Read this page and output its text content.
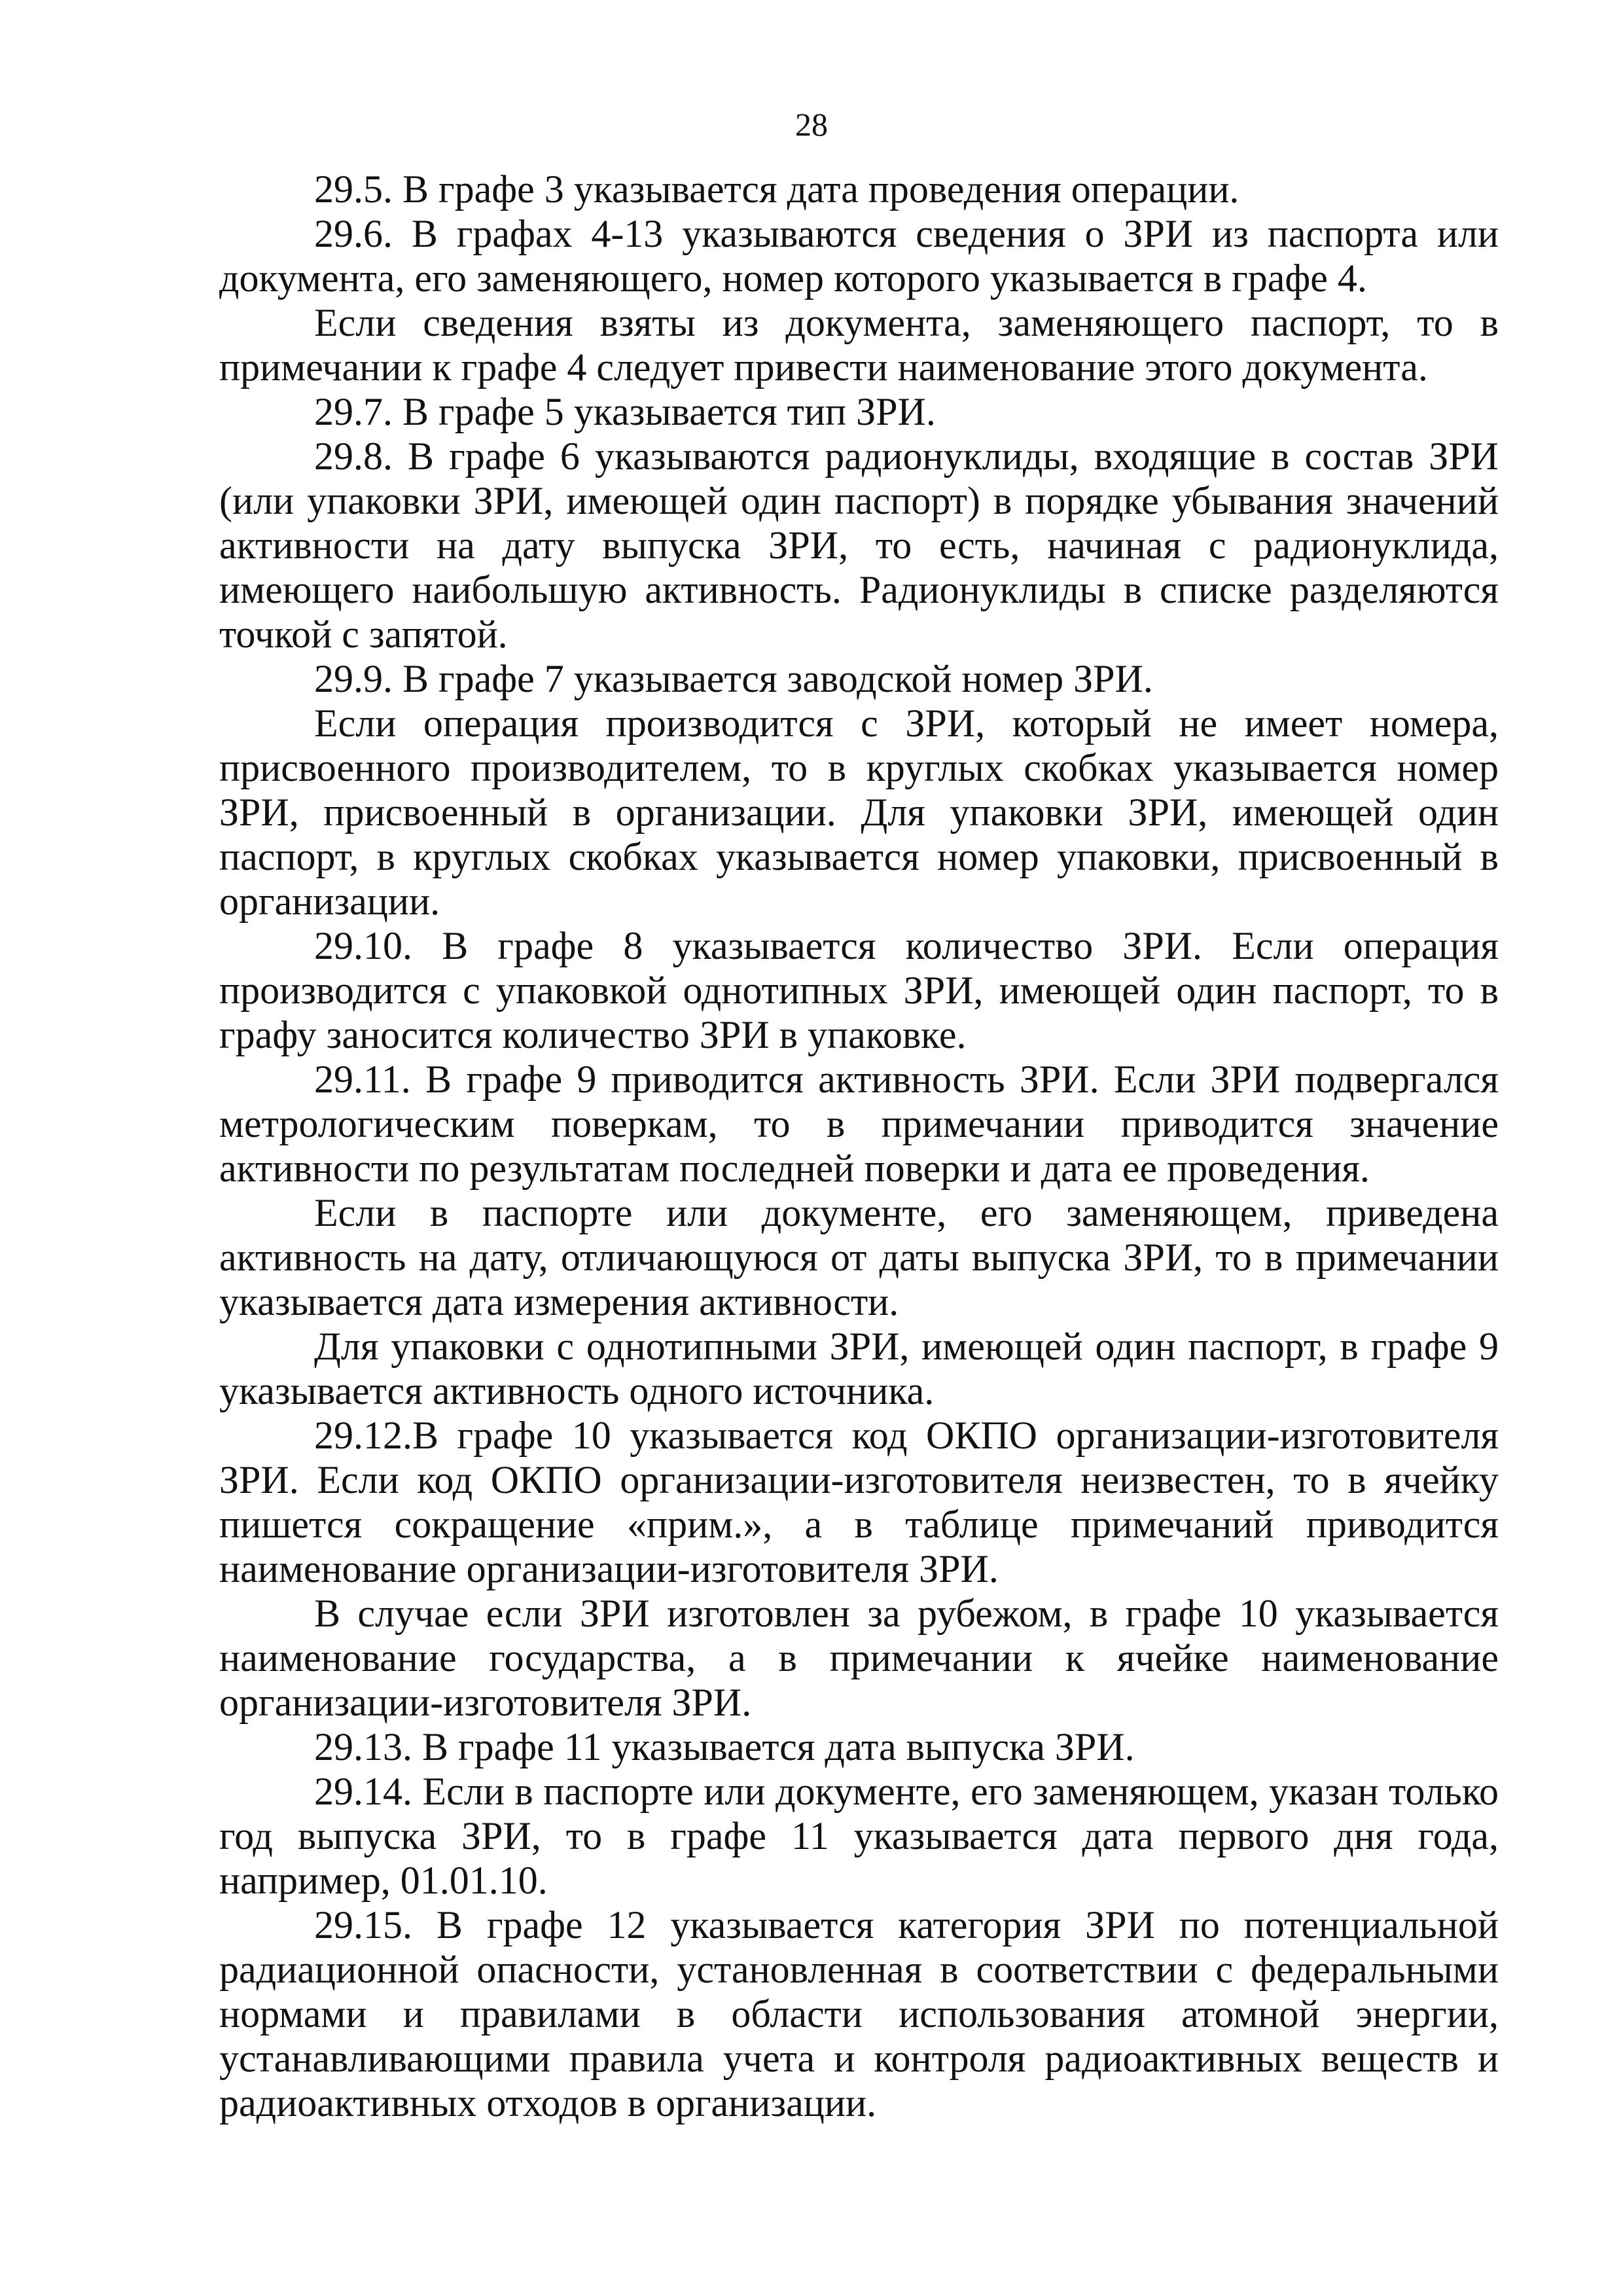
28

29.5. В графе 3 указывается дата проведения операции.

29.6. В графах 4-13 указываются сведения о ЗРИ из паспорта или документа, его заменяющего, номер которого указывается в графе 4.

Если сведения взяты из документа, заменяющего паспорт, то в примечании к графе 4 следует привести наименование этого документа.

29.7. В графе 5 указывается тип ЗРИ.

29.8. В графе 6 указываются радионуклиды, входящие в состав ЗРИ (или упаковки ЗРИ, имеющей один паспорт) в порядке убывания значений активности на дату выпуска ЗРИ, то есть, начиная с радионуклида, имеющего наибольшую активность. Радионуклиды в списке разделяются точкой с запятой.

29.9. В графе 7 указывается заводской номер ЗРИ.

Если операция производится с ЗРИ, который не имеет номера, присвоенного производителем, то в круглых скобках указывается номер ЗРИ, присвоенный в организации. Для упаковки ЗРИ, имеющей один паспорт, в круглых скобках указывается номер упаковки, присвоенный в организации.

29.10. В графе 8 указывается количество ЗРИ. Если операция производится с упаковкой однотипных ЗРИ, имеющей один паспорт, то в графу заносится количество ЗРИ в упаковке.

29.11. В графе 9 приводится активность ЗРИ. Если ЗРИ подвергался метрологическим поверкам, то в примечании приводится значение активности по результатам последней поверки и дата ее проведения.

Если в паспорте или документе, его заменяющем, приведена активность на дату, отличающуюся от даты выпуска ЗРИ, то в примечании указывается дата измерения активности.

Для упаковки с однотипными ЗРИ, имеющей один паспорт, в графе 9 указывается активность одного источника.

29.12.В графе 10 указывается код ОКПО организации-изготовителя ЗРИ. Если код ОКПО организации-изготовителя неизвестен, то в ячейку пишется сокращение «прим.», а в таблице примечаний приводится наименование организации-изготовителя ЗРИ.

В случае если ЗРИ изготовлен за рубежом, в графе 10 указывается наименование государства, а в примечании к ячейке наименование организации-изготовителя ЗРИ.

29.13. В графе 11 указывается дата выпуска ЗРИ.

29.14. Если в паспорте или документе, его заменяющем, указан только год выпуска ЗРИ, то в графе 11 указывается дата первого дня года, например, 01.01.10.

29.15. В графе 12 указывается категория ЗРИ по потенциальной радиационной опасности, установленная в соответствии с федеральными нормами и правилами в области использования атомной энергии, устанавливающими правила учета и контроля радиоактивных веществ и радиоактивных отходов в организации.
